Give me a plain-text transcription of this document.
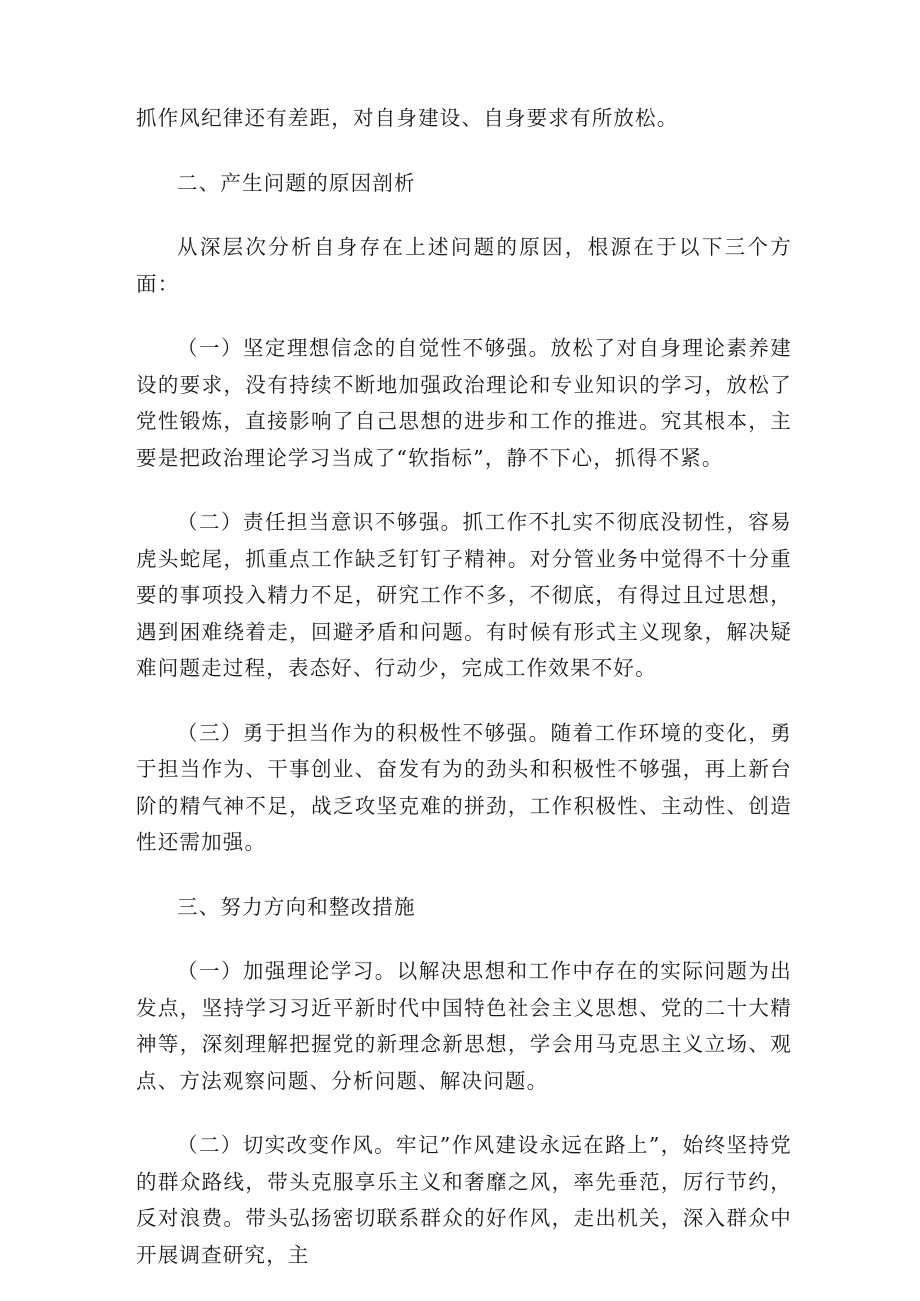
抓作风纪律还有差距，对自身建设、自身要求有所放松。

二、产生问题的原因剖析

从深层次分析自身存在上述问题的原因，根源在于以下三个方面：

（一）坚定理想信念的自觉性不够强。放松了对自身理论素养建设的要求，没有持续不断地加强政治理论和专业知识的学习，放松了党性锻炼，直接影响了自己思想的进步和工作的推进。究其根本，主要是把政治理论学习当成了“软指标”，静不下心，抓得不紧。

（二）责任担当意识不够强。抓工作不扎实不彻底没韧性，容易虎头蛇尾，抓重点工作缺乏钉钉子精神。对分管业务中觉得不十分重要的事项投入精力不足，研究工作不多，不彻底，有得过且过思想，遇到困难绕着走，回避矛盾和问题。有时候有形式主义现象，解决疑难问题走过程，表态好、行动少，完成工作效果不好。

（三）勇于担当作为的积极性不够强。随着工作环境的变化，勇于担当作为、干事创业、奋发有为的劲头和积极性不够强，再上新台阶的精气神不足，战乏攻坚克难的拼劲，工作积极性、主动性、创造性还需加强。

三、努力方向和整改措施

（一）加强理论学习。以解决思想和工作中存在的实际问题为出发点，坚持学习习近平新时代中国特色社会主义思想、党的二十大精神等，深刻理解把握党的新理念新思想，学会用马克思主义立场、观点、方法观察问题、分析问题、解决问题。

（二）切实改变作风。牢记”作风建设永远在路上”，始终坚持党的群众路线，带头克服享乐主义和奢靡之风，率先垂范，厉行节约，反对浪费。带头弘扬密切联系群众的好作风，走出机关，深入群众中开展调查研究，主
